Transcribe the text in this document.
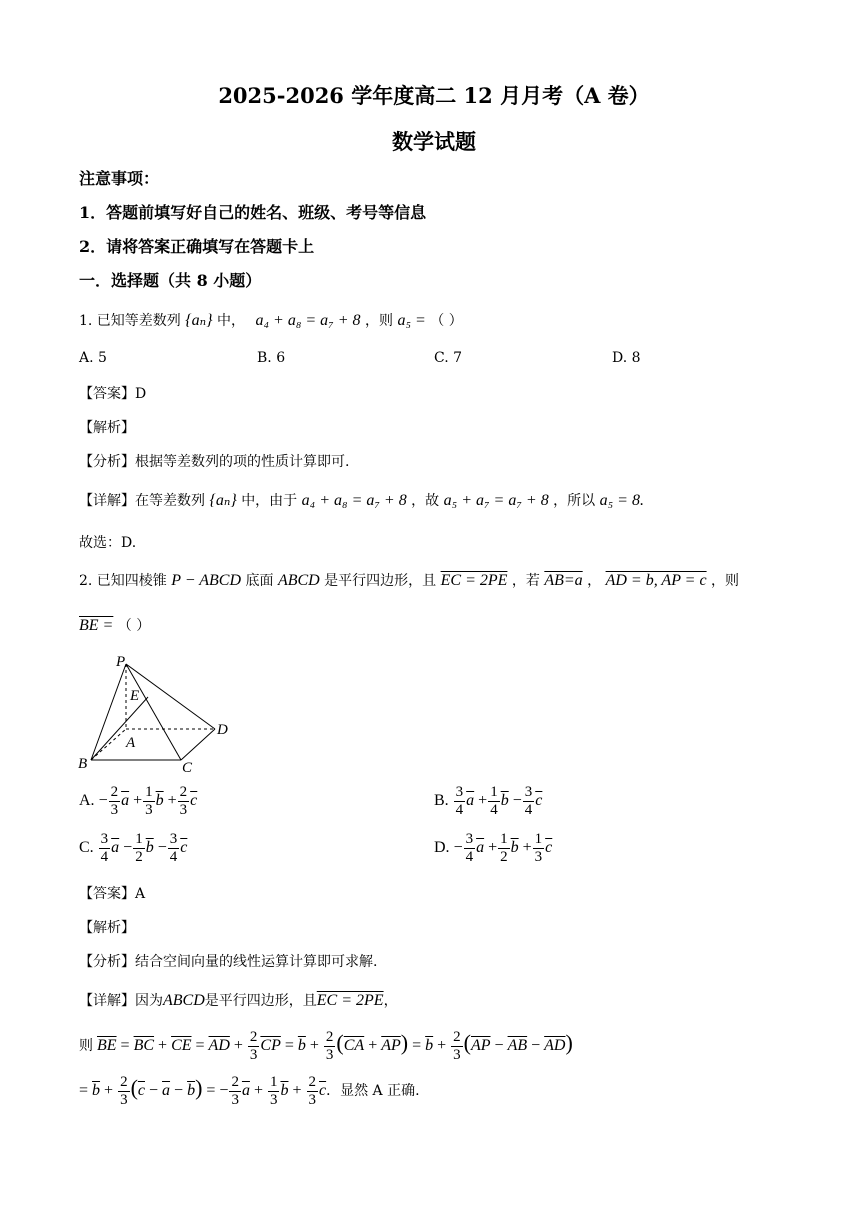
2025-2026 学年度高二 12 月月考（A 卷）
数学试题
注意事项：
1．答题前填写好自己的姓名、班级、考号等信息
2．请将答案正确填写在答题卡上
一．选择题（共 8 小题）
1. 已知等差数列 {aₙ} 中， a₄ + a₈ = a₇ + 8 ，则 a₅ = （ ）
A. 5	B. 6	C. 7	D. 8
【答案】D
【解析】
【分析】根据等差数列的项的性质计算即可.
【详解】在等差数列 {aₙ} 中，由于 a₄ + a₈ = a₇ + 8 ，故 a₅ + a₇ = a₇ + 8 ，所以 a₅ = 8.
故选：D.
2. 已知四棱锥 P − ABCD 底面 ABCD 是平行四边形，且 EC = 2PE ，若 AB=a ， AD = b, AP = c ，则
BE = （ ）
P
E
A
B	C
D
A. − $\frac{2}{3} \overline{a} + \frac{1}{3} \overline{b} + \frac{2}{3} \overline{c}$	B. $\frac{3}{4} \overline{a} + \frac{1}{4} \overline{b} - \frac{3}{4} \overline{c}$
C. $\frac{3}{4} \overline{a} - \frac{1}{2} \overline{b} - \frac{3}{4} \overline{c}$	D. − $\frac{3}{4} \overline{a} + \frac{1}{2} \overline{b} + \frac{1}{3} \overline{c}$
【答案】A
【解析】
【分析】结合空间向量的线性运算计算即可求解.
【详解】因为ABCD是平行四边形，且EC = 2PE，
则 $\overline{BE} = \overline{BC} + \overline{CE} = \overline{AD} + \frac{2}{3} \overline{CP} = \overline{b} + \frac{2}{3} (\overline{CA} + \overline{AP}) = \overline{b} + \frac{2}{3} (\overline{AP} - \overline{AB} - \overline{AD})$
= $\overline{b} + \frac{2}{3} (\overline{c} - \overline{a} - \overline{b})$ = − $\frac{2}{3} \overline{a} + \frac{1}{3} \overline{b} + \frac{2}{3} \overline{c}$．显然 A 正确.
